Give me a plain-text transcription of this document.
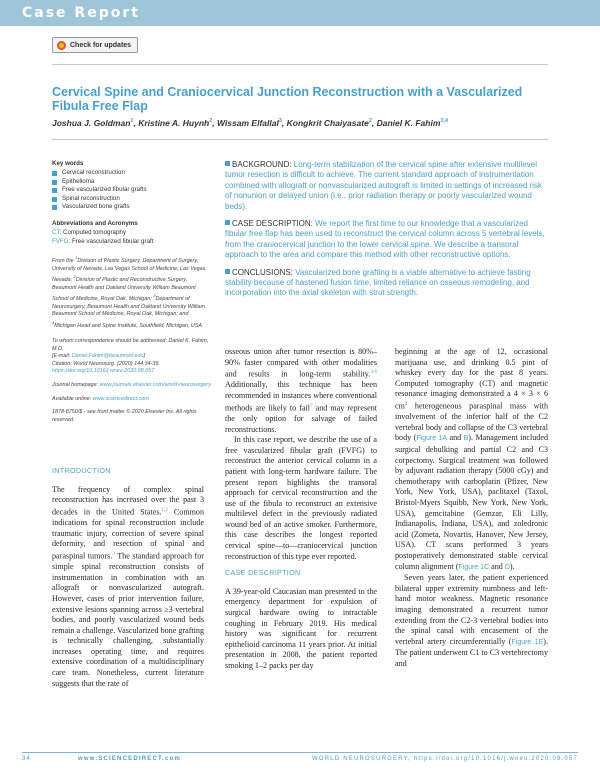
Case Report
Check for updates
Cervical Spine and Craniocervical Junction Reconstruction with a Vascularized Fibula Free Flap
Joshua J. Goldman$^1$, Kristine A. Huynh$^2$, Wissam Elfallal$^3$, Kongkrit Chaiyasate$^2$, Daniel K. Fahim$^{3,4}$
Key words
Cervical reconstruction
Epithelioma
Free vascularized fibular grafts
Spinal reconstruction
Vascularized bone grafts
Abbreviations and Acronyms
CT: Computed tomography
FVFG: Free vascularized fibular graft
From the $^1$Division of Plastic Surgery, Department of Surgery, University of Nevada, Las Vegas School of Medicine, Las Vegas, Nevada; $^2$Division of Plastic and Reconstructive Surgery, Beaumont Health and Oakland University William Beaumont School of Medicine, Royal Oak, Michigan; $^3$Department of Neurosurgery, Beaumont Health and Oakland University William Beaumont School of Medicine, Royal Oak, Michigan; and $^4$Michigan Head and Spine Institute, Southfield, Michigan, USA
To whom correspondence should be addressed: Daniel K. Fahim, M.D.
[E-mail: Daniel.Fahim@beaumont.edu]
Citation: World Neurosurg. (2020) 144:34-39.
https://doi.org/10.1016/j.wneu.2020.08.057
Journal homepage: www.journals.elsevier.com/world-neurosurgery
Available online: www.sciencedirect.com
1878-8750/$ - see front matter © 2020 Elsevier Inc. All rights reserved.

BACKGROUND: Long-term stabilization of the cervical spine after extensive multilevel tumor resection is difficult to achieve. The current standard approach of instrumentation combined with allograft or nonvascularized autograft is limited in settings of increased risk of nonunion or delayed union (i.e., prior radiation therapy or poorly vascularized wound beds).

CASE DESCRIPTION: We report the first time to our knowledge that a vascularized fibular free flap has been used to reconstruct the cervical column across 5 vertebral levels, from the craniocervical junction to the lower cervical spine. We describe a transoral approach to the area and compare this method with other reconstructive options.

CONCLUSIONS: Vascularized bone grafting is a viable alternative to achieve fasting stability because of hastened fusion time, limited reliance on osseous remodeling, and incorporation into the axial skeleton with strut strength.

INTRODUCTION

The frequency of complex spinal reconstruction has increased over the past 3 decades in the United States.$^{1,2}$ Common indications for spinal reconstruction include traumatic injury, correction of severe spinal deformity, and resection of spinal and paraspinal tumors.$^3$ The standard approach for simple spinal reconstruction consists of instrumentation in combination with an allograft or nonvascularized autograft. However, cases of prior intervention failure, extensive lesions spanning across ≥3 vertebral bodies, and poorly vascularized wound beds remain a challenge. Vascularized bone grafting is technically challenging, substantially increases operating time, and requires extensive coordination of a multidisciplinary care team. Nonetheless, current literature suggests that the rate of

osseous union after tumor resection is 80%–90% faster compared with other modalities and results in long-term stability.$^{3-6}$ Additionally, this technique has been recommended in instances where conventional methods are likely to fail$^7$ and may represent the only option for salvage of failed reconstructions.

In this case report, we describe the use of a free vascularized fibular graft (FVFG) to reconstruct the anterior cervical column in a patient with long-term hardware failure. The present report highlights the transoral approach for cervical reconstruction and the use of the fibula to reconstruct an extensive multilevel defect in the previously radiated wound bed of an active smoker. Furthermore, this case describes the longest reported cervical spine—to—craniocervical junction reconstruction of this type ever reported.

CASE DESCRIPTION

A 39-year-old Caucasian man presented to the emergency department for expulsion of surgical hardware owing to intractable coughing in February 2019. His medical history was significant for recurrent epithelioid carcinoma 11 years prior. At initial presentation in 2008, the patient reported smoking 1–2 packs per day

beginning at the age of 12, occasional marijuana use, and drinking 0.5 pint of whiskey every day for the past 8 years. Computed tomography (CT) and magnetic resonance imaging demonstrated a 4 × 3 × 6 $cm^3$ heterogeneous paraspinal mass with involvement of the inferior half of the C2 vertebral body and collapse of the C3 vertebral body (Figure 1A and B). Management included surgical debulking and partial C2 and C3 corpectomy. Surgical treatment was followed by adjuvant radiation therapy (5000 cGy) and chemotherapy with carboplatin (Pfizer, New York, New York, USA), paclitaxel (Taxol, Bristol-Myers Squibb, New York, New York, USA), gemcitabine (Gemzar, Eli Lilly, Indianapolis, Indiana, USA), and zoledronic acid (Zometa, Novartis, Hanover, New Jersey, USA). CT scans performed 3 years postoperatively demonstrated stable cervical column alignment (Figure 1C and D).

Seven years later, the patient experienced bilateral upper extremity numbness and left-hand motor weakness. Magnetic resonance imaging demonstrated a recurrent tumor extending from the C2-3 vertebral bodies into the spinal canal with encasement of the vertebral artery circumferentially (Figure 1E). The patient underwent C1 to C3 vertebrectomy and

34	www.SCIENCEDIRECT.com	WORLD NEUROSURGERY, https://doi.org/10.1016/j.wneu.2020.08.057
